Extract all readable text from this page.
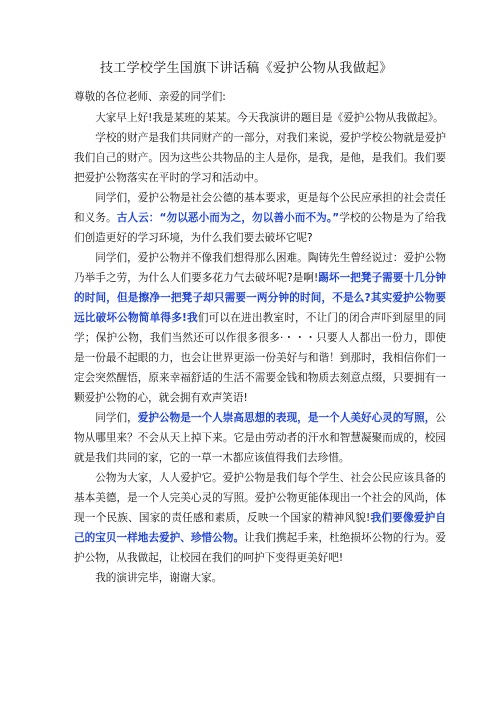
技工学校学生国旗下讲话稿《爱护公物从我做起》
尊敬的各位老师、亲爱的同学们:

大家早上好!我是某班的某某。今天我演讲的题目是《爱护公物从我做起》。

学校的财产是我们共同财产的一部分，对我们来说，爱护学校公物就是爱护我们自己的财产。因为这些公共物品的主人是你，是我，是他，是我们。我们要把爱护公物落实在平时的学习和活动中。

同学们，爱护公物是社会公德的基本要求，更是每个公民应承担的社会责任和义务。古人云：“勿以恶小而为之，勿以善小而不为。”学校的公物是为了给我们创造更好的学习环境，为什么我们要去破坏它呢?

同学们，爱护公物并不像我们想得那么困难。陶铸先生曾经说过：爱护公物乃举手之劳，为什么人们要多花力气去破坏呢?是啊!踢坏一把凳子需要十几分钟的时间，但是擦净一把凳子却只需要一两分钟的时间，不是么?其实爱护公物要远比破坏公物简单得多!我们可以在进出教室时，不让门的闭合声吓到屋里的同学；保护公物，我们当然还可以作很多很多·・・・只要人人都出一份力，即使是一份最不起眼的力，也会让世界更添一份美好与和谐！到那时，我相信你们一定会突然醒悟，原来幸福舒适的生活不需要金钱和物质去刻意点缀，只要拥有一颗爱护公物的心，就会拥有欢声笑语!

同学们，爱护公物是一个人崇高思想的表现，是一个人美好心灵的写照，公物从哪里来？不会从天上掉下来。它是由劳动者的汗水和智慧凝聚而成的，校园就是我们共同的家，它的一草一木都应该值得我们去珍惜。

公物为大家，人人爱护它。爱护公物是我们每个学生、社会公民应该具备的基本美德，是一个人完美心灵的写照。爱护公物更能体现出一个社会的风尚，体现一个民族、国家的责任感和素质，反映一个国家的精神风貌!我们要像爱护自己的宝贝一样地去爱护、珍惜公物。让我们携起手来，杜绝损坏公物的行为。爱护公物，从我做起，让校园在我们的呵护下变得更美好吧!

我的演讲完毕，谢谢大家。
